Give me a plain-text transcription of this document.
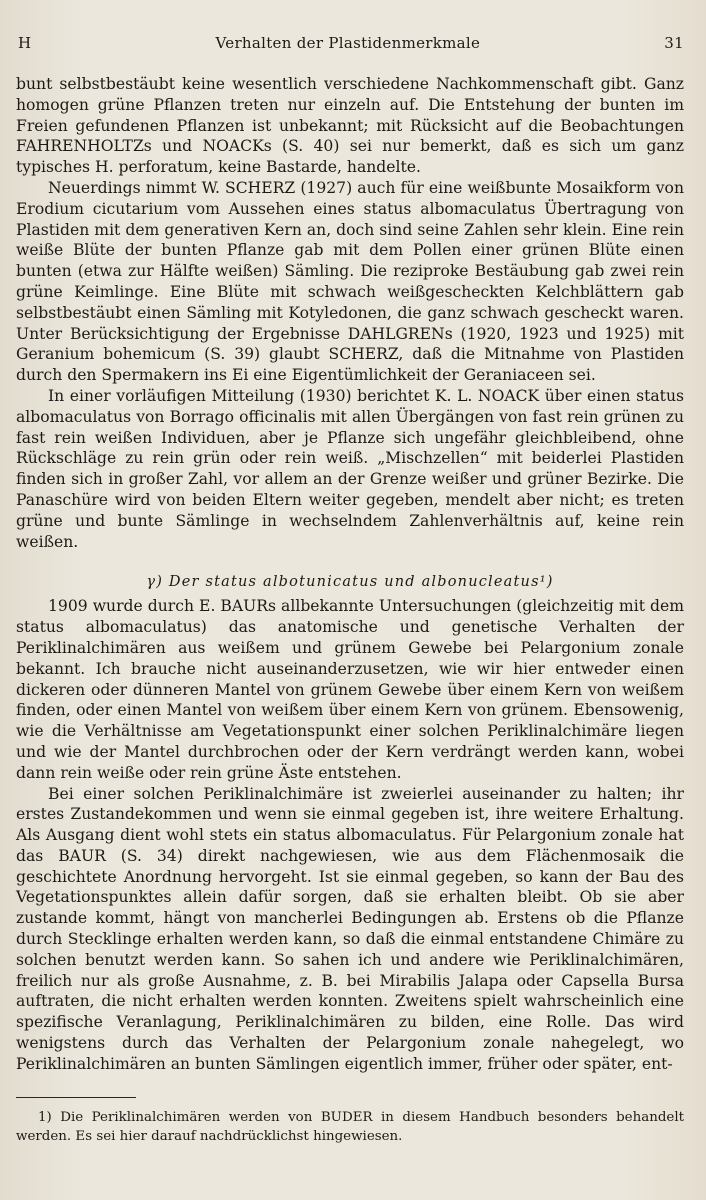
H	Verhalten der Plastidenmerkmale	31

bunt selbstbestäubt keine wesentlich verschiedene Nachkommenschaft gibt. Ganz homogen grüne Pflanzen treten nur einzeln auf. Die Entstehung der bunten im Freien gefundenen Pflanzen ist unbekannt; mit Rücksicht auf die Beobachtungen FAHRENHOLTZs und NOACKs (S. 40) sei nur bemerkt, daß es sich um ganz typisches H. perforatum, keine Bastarde, handelte.

Neuerdings nimmt W. SCHERZ (1927) auch für eine weißbunte Mosaikform von Erodium cicutarium vom Aussehen eines status albomaculatus Übertragung von Plastiden mit dem generativen Kern an, doch sind seine Zahlen sehr klein. Eine rein weiße Blüte der bunten Pflanze gab mit dem Pollen einer grünen Blüte einen bunten (etwa zur Hälfte weißen) Sämling. Die reziproke Bestäubung gab zwei rein grüne Keimlinge. Eine Blüte mit schwach weißgescheckten Kelchblättern gab selbstbestäubt einen Sämling mit Kotyledonen, die ganz schwach gescheckt waren. Unter Berücksichtigung der Ergebnisse DAHLGRENs (1920, 1923 und 1925) mit Geranium bohemicum (S. 39) glaubt SCHERZ, daß die Mitnahme von Plastiden durch den Spermakern ins Ei eine Eigentümlichkeit der Geraniaceen sei.

In einer vorläufigen Mitteilung (1930) berichtet K. L. NOACK über einen status albomaculatus von Borrago officinalis mit allen Übergängen von fast rein grünen zu fast rein weißen Individuen, aber je Pflanze sich ungefähr gleichbleibend, ohne Rückschläge zu rein grün oder rein weiß. „Mischzellen“ mit beiderlei Plastiden finden sich in großer Zahl, vor allem an der Grenze weißer und grüner Bezirke. Die Panaschüre wird von beiden Eltern weiter gegeben, mendelt aber nicht; es treten grüne und bunte Sämlinge in wechselndem Zahlenverhältnis auf, keine rein weißen.

γ) Der status albotunicatus und albonucleatus¹)

1909 wurde durch E. BAURs allbekannte Untersuchungen (gleichzeitig mit dem status albomaculatus) das anatomische und genetische Verhalten der Periklinalchimären aus weißem und grünem Gewebe bei Pelargonium zonale bekannt. Ich brauche nicht auseinanderzusetzen, wie wir hier entweder einen dickeren oder dünneren Mantel von grünem Gewebe über einem Kern von weißem finden, oder einen Mantel von weißem über einem Kern von grünem. Ebensowenig, wie die Verhältnisse am Vegetationspunkt einer solchen Periklinalchimäre liegen und wie der Mantel durchbrochen oder der Kern verdrängt werden kann, wobei dann rein weiße oder rein grüne Äste entstehen.

Bei einer solchen Periklinalchimäre ist zweierlei auseinander zu halten; ihr erstes Zustandekommen und wenn sie einmal gegeben ist, ihre weitere Erhaltung. Als Ausgang dient wohl stets ein status albomaculatus. Für Pelargonium zonale hat das BAUR (S. 34) direkt nachgewiesen, wie aus dem Flächenmosaik die geschichtete Anordnung hervorgeht. Ist sie einmal gegeben, so kann der Bau des Vegetationspunktes allein dafür sorgen, daß sie erhalten bleibt. Ob sie aber zustande kommt, hängt von mancherlei Bedingungen ab. Erstens ob die Pflanze durch Stecklinge erhalten werden kann, so daß die einmal entstandene Chimäre zu solchen benutzt werden kann. So sahen ich und andere wie Periklinalchimären, freilich nur als große Ausnahme, z. B. bei Mirabilis Jalapa oder Capsella Bursa auftraten, die nicht erhalten werden konnten. Zweitens spielt wahrscheinlich eine spezifische Veranlagung, Periklinalchimären zu bilden, eine Rolle. Das wird wenigstens durch das Verhalten der Pelargonium zonale nahegelegt, wo Periklinalchimären an bunten Sämlingen eigentlich immer, früher oder später, ent-

1) Die Periklinalchimären werden von BUDER in diesem Handbuch besonders behandelt werden. Es sei hier darauf nachdrücklichst hingewiesen.
